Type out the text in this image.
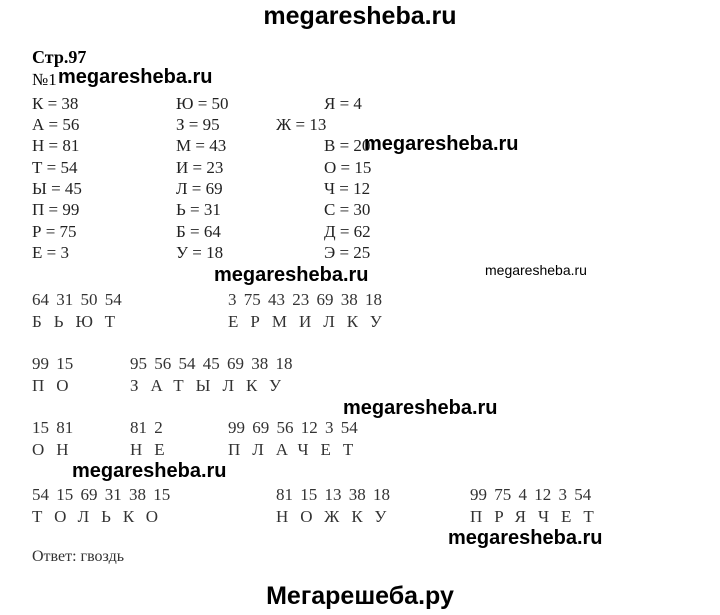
megaresheba.ru
Стр.97
№1 megaresheba.ru
К = 38	Ю = 50	Я = 4
А = 56	З = 95	Ж = 13
Н = 81	М = 43	В = 20
Т = 54	И = 23	О = 15
Ы = 45	Л = 69	Ч = 12
П = 99	Ь = 31	С = 30
Р = 75	Б = 64	Д = 62
Е = 3	У = 18	Э = 25
megaresheba.ru
megaresheba.ru	megaresheba.ru
64 31 50 54
БЬЮТ
3 75 43 23 69 38 18
ЕРМИЛКУ
99 15
ПО
95 56 54 45 69 38 18
ЗАТЫЛКУ
megaresheba.ru
15 81
ОН
81 2
НЕ
99 69 56 12 3 54
ПЛАЧЕТ
megaresheba.ru
54 15 69 31 38 15
ТОЛЬКО
81 15 13 38 18
НОЖКУ
99 75 4 12 3 54
ПРЯЧЕТ
megaresheba.ru
Ответ: гвоздь
Мегарешеба.ру
